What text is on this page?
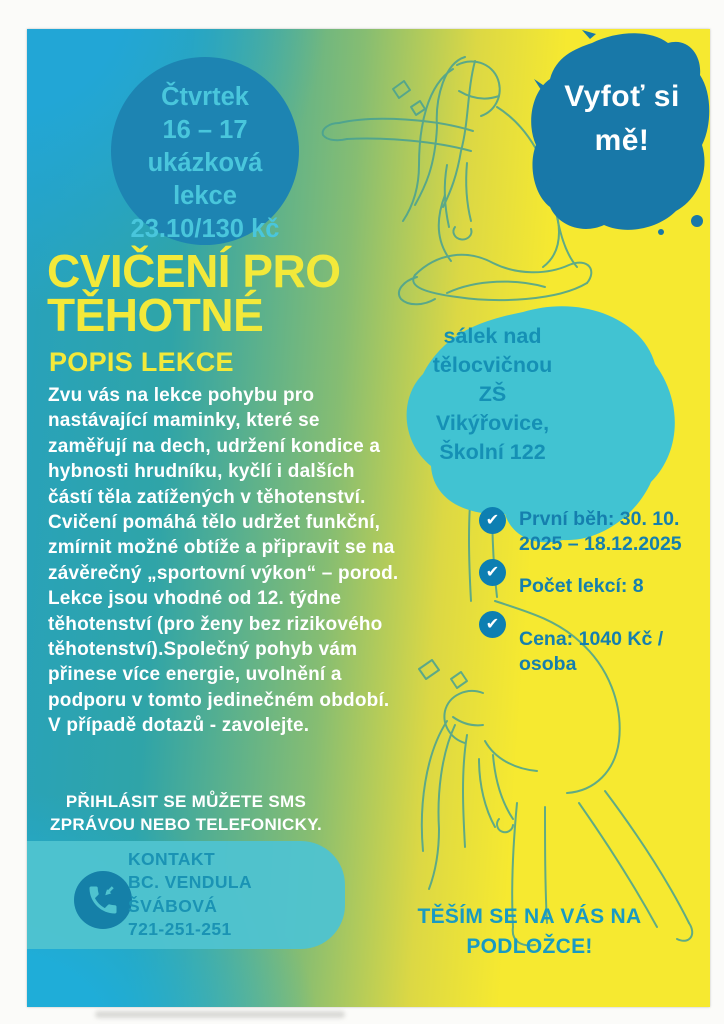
Čtvrtek
16 – 17
ukázková
lekce
23.10/130 kč
Vyfoť si mě!
CVIČENÍ PRO
TĚHOTNÉ
POPIS LEKCE
Zvu vás na lekce pohybu pro
nastávající maminky, které se
zaměřují na dech, udržení kondice a
hybnosti hrudníku, kyčlí i dalších
částí těla zatížených v těhotenství.
Cvičení pomáhá tělo udržet funkční,
zmírnit možné obtíže a připravit se na
závěrečný „sportovní výkon“ – porod.
Lekce jsou vhodné od 12. týdne
těhotenství (pro ženy bez rizikového
těhotenství).Společný pohyb vám
přinese více energie, uvolnění a
podporu v tomto jedinečném období.
V případě dotazů - zavolejte.
sálek nad
tělocvičnou
ZŠ
Vikýřovice,
Školní 122
✔	První běh: 30. 10. 2025 – 18.12.2025
✔
Počet lekcí: 8
✔
Cena: 1040 Kč / osoba
PŘIHLÁSIT SE MŮŽETE SMS
ZPRÁVOU NEBO TELEFONICKY.
KONTAKT
BC. VENDULA
ŠVÁBOVÁ
721-251-251
TĚŠÍM SE NA VÁS NA
PODLOŽCE!
